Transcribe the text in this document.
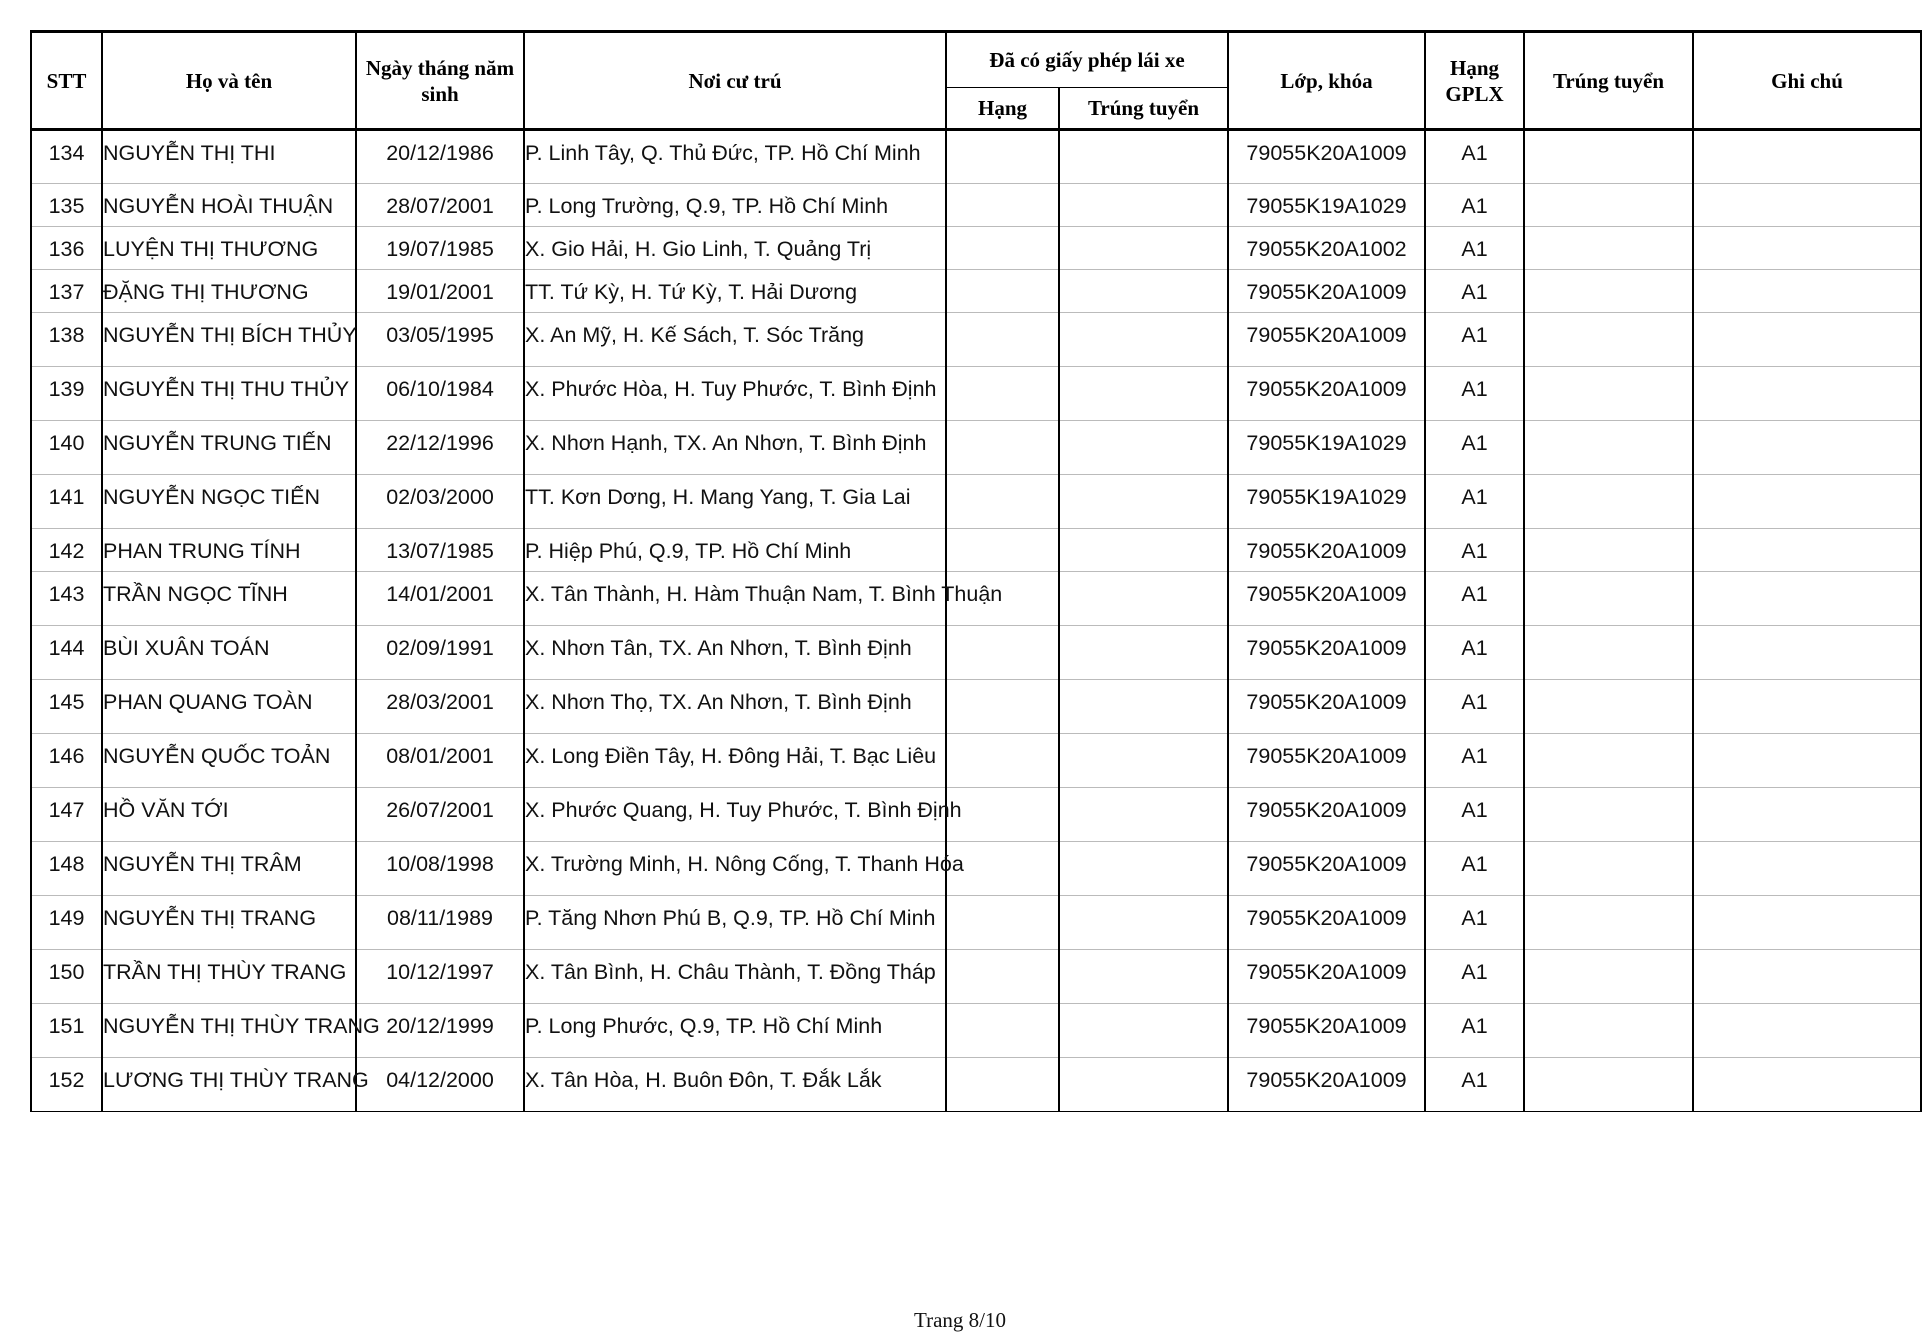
STT	Họ và tên	Ngày tháng năm sinh	Nơi cư trú	Đã có giấy phép lái xe		Lớp, khóa	Hạng GPLX	Trúng tuyển	Ghi chú
				Hạng	Trúng tuyển				
134	NGUYỄN THỊ THI	20/12/1986	P. Linh Tây, Q. Thủ Đức, TP. Hồ Chí Minh			79055K20A1009	A1		
135	NGUYỄN HOÀI THUẬN	28/07/2001	P. Long Trường, Q.9, TP. Hồ Chí Minh			79055K19A1029	A1		
136	LUYỆN THỊ THƯƠNG	19/07/1985	X. Gio Hải, H. Gio Linh, T. Quảng Trị			79055K20A1002	A1		
137	ĐẶNG THỊ THƯƠNG	19/01/2001	TT. Tứ Kỳ, H. Tứ Kỳ, T. Hải Dương			79055K20A1009	A1		
138	NGUYỄN THỊ BÍCH THỦY	03/05/1995	X. An Mỹ, H. Kế Sách, T. Sóc Trăng			79055K20A1009	A1		
139	NGUYỄN THỊ THU THỦY	06/10/1984	X. Phước Hòa, H. Tuy Phước, T. Bình Định			79055K20A1009	A1		
140	NGUYỄN TRUNG TIẾN	22/12/1996	X. Nhơn Hạnh, TX. An Nhơn, T. Bình Định			79055K19A1029	A1		
141	NGUYỄN NGỌC TIẾN	02/03/2000	TT. Kơn Dơng, H. Mang Yang, T. Gia Lai			79055K19A1029	A1		
142	PHAN TRUNG TÍNH	13/07/1985	P. Hiệp Phú, Q.9, TP. Hồ Chí Minh			79055K20A1009	A1		
143	TRẦN NGỌC TĨNH	14/01/2001	X. Tân Thành, H. Hàm Thuận Nam, T. Bình Thuận			79055K20A1009	A1		
144	BÙI XUÂN TOÁN	02/09/1991	X. Nhơn Tân, TX. An Nhơn, T. Bình Định			79055K20A1009	A1		
145	PHAN QUANG TOÀN	28/03/2001	X. Nhơn Thọ, TX. An Nhơn, T. Bình Định			79055K20A1009	A1		
146	NGUYỄN QUỐC TOẢN	08/01/2001	X. Long Điền Tây, H. Đông Hải, T. Bạc Liêu			79055K20A1009	A1		
147	HỒ VĂN TỚI	26/07/2001	X. Phước Quang, H. Tuy Phước, T. Bình Định			79055K20A1009	A1		
148	NGUYỄN THỊ TRÂM	10/08/1998	X. Trường Minh, H. Nông Cống, T. Thanh Hóa			79055K20A1009	A1		
149	NGUYỄN THỊ TRANG	08/11/1989	P. Tăng Nhơn Phú B, Q.9, TP. Hồ Chí Minh			79055K20A1009	A1		
150	TRẦN THỊ THÙY TRANG	10/12/1997	X. Tân Bình, H. Châu Thành, T. Đồng Tháp			79055K20A1009	A1		
151	NGUYỄN THỊ THÙY TRANG	20/12/1999	P. Long Phước, Q.9, TP. Hồ Chí Minh			79055K20A1009	A1		
152	LƯƠNG THỊ THÙY TRANG	04/12/2000	X. Tân Hòa, H. Buôn Đôn, T. Đắk Lắk			79055K20A1009	A1		
Trang 8/10
